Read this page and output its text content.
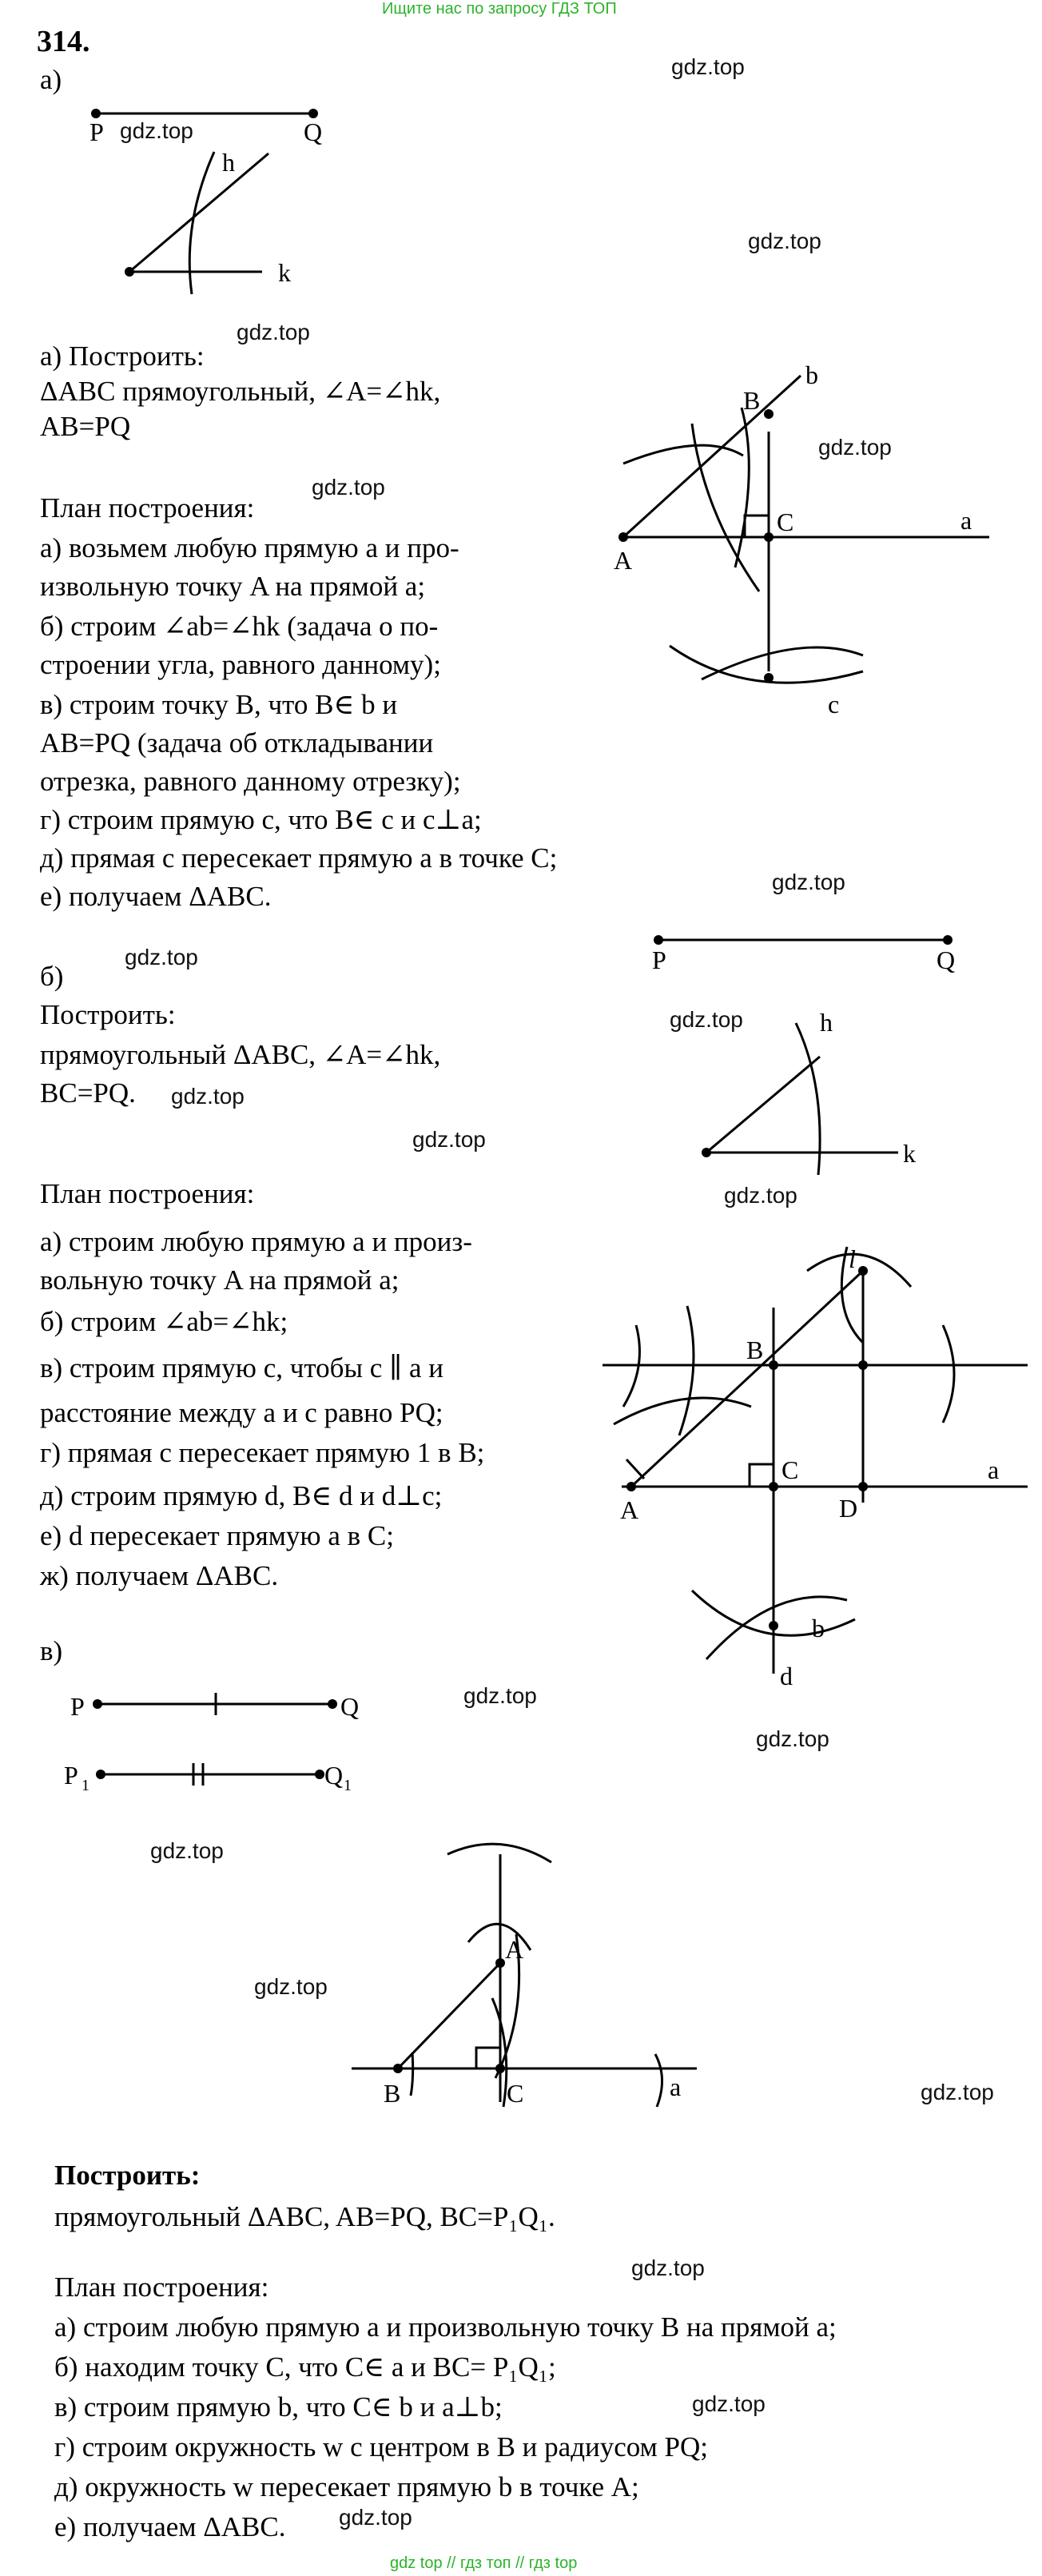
Ищите нас по запросу ГДЗ ТОП
314.
а)
P	Q
h
k
gdz.top
gdz.top
gdz.top
gdz.top
а) Построить:
ΔABC прямоугольный, ∠A=∠hk,
AB=PQ
gdz.top
gdz.top
План построения:
а) возьмем любую прямую a и про-
извольную точку A на прямой a;
б) строим ∠ab=∠hk (задача о по-
строении угла, равного данному);
в) строим точку B, что B∈ b и
AB=PQ (задача об откладывании
отрезка, равного данному отрезку);
г) строим прямую c, что B∈ c и c⊥a;
д) прямая c пересекает прямую a в точке C;
е) получаем ΔABC.
b
B
C	a
A
c
gdz.top
gdz.top
б)
Построить:
прямоугольный ΔABC, ∠A=∠hk,
BC=PQ. gdz.top
gdz.top
gdz.top
gdz.top
P	Q
h
k
План построения:
а) строим любую прямую a и произ-
вольную точку A на прямой a;
б) строим ∠ab=∠hk;
в) строим прямую c, чтобы c ∥ a и
расстояние между a и c равно PQ;
г) прямая c пересекает прямую 1 в B;
д) строим прямую d, B∈ d и d⊥c;
е) d пересекает прямую a в C;
ж) получаем ΔABC.
l
B
C	a
A	D
b
d
в)
P	Q
P 1	Q 1
gdz.top
gdz.top
gdz.top
gdz.top
gdz.top
A
B	C	a
Построить:
прямоугольный ΔABC, AB=PQ, BC=P₁Q₁.
gdz.top
План построения:
а) строим любую прямую a и произвольную точку B на прямой a;
б) находим точку C, что C∈ a и BC= P₁Q₁;
в) строим прямую b, что C∈ b и a⊥b;
г) строим окружность w с центром в B и радиусом PQ;
д) окружность w пересекает прямую b в точке A;
е) получаем ΔABC.
gdz.top
gdz.top
gdz top // гдз топ // гдз top
